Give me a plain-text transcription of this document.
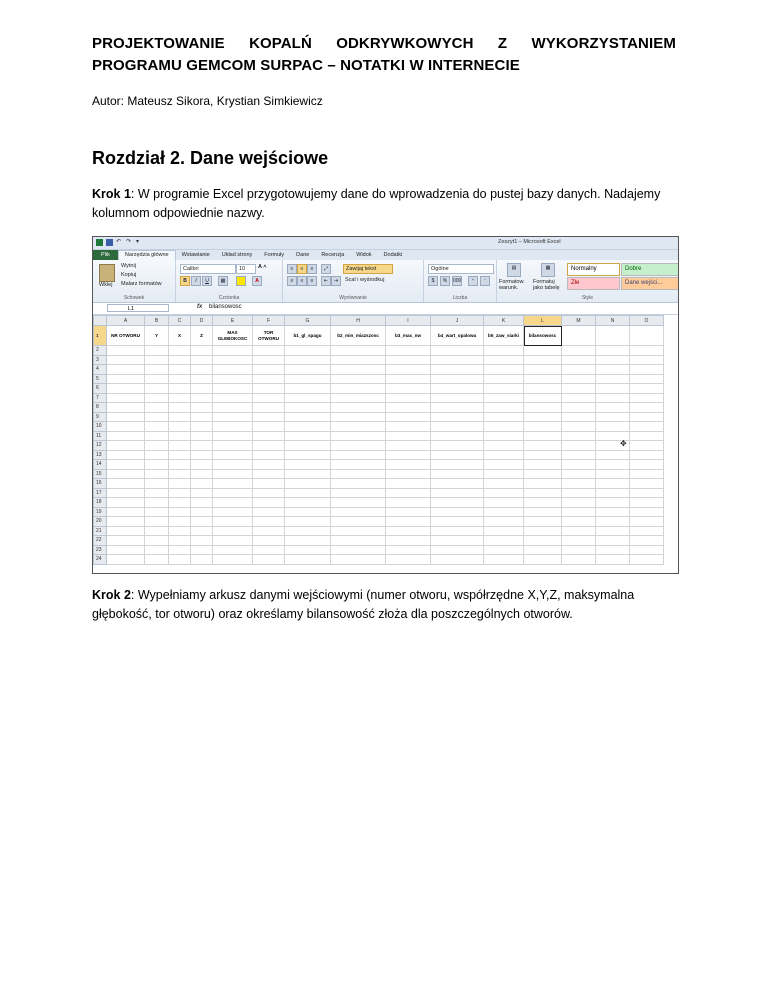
PROJEKTOWANIE KOPALŃ ODKRYWKOWYCH Z WYKORZYSTANIEM
PROGRAMU GEMCOM SURPAC – NOTATKI W INTERNECIE
Autor: Mateusz Sikora, Krystian Simkiewicz
Rozdział 2. Dane wejściowe
Krok 1: W programie Excel przygotowujemy dane do wprowadzenia do pustej bazy danych. Nadajemy kolumnom odpowiednie nazwy.
↶ ↷ ▾	Zeszyt1 – Microsoft Excel
Plik	Narzędzia główne	Wstawianie	Układ strony	Formuły	Dane	Recenzja	Widok	Dodatki
Wklej
Wytnij
Kopiuj
Malarz formatów
Schowek
Calibri	10	A ˄
B	I	U	▦	A
Czcionka
≡	≡	≡	⤢	Zawijaj tekst
≡	≡	≡	⇤	⇥	Scal i wyśrodkuj
Wyrównanie
Ogólne
$	%	000	⁺	⁻
Liczba
▤
Formatow. warunk.
▦
Formatuj jako tabelę
Normalny	Dobre
Złe	Dane wejści...
Style
L1	fx bilansowosc
	A	B	C	D	E	F	G	H	I	J	K	L	M	N	O
1	NR OTWORU	Y	X	Z	MAX GLEBOKOSC	TOR OTWORU	b1_gl_spagu	b2_min_miazszosc	b3_max_nw	b4_wart_opalowa	b5_zaw_siarki	bilansowosc			
2															
3															
4															
5															
6															
7															
8															
9															
10															
11															
12															
13															
14															
15															
16															
17															
18															
19															
20															
21															
22															
23															
24															
✥
Krok 2: Wypełniamy arkusz danymi wejściowymi (numer otworu, współrzędne X,Y,Z, maksymalna głębokość, tor otworu) oraz określamy bilansowość złoża dla poszczególnych otworów.
